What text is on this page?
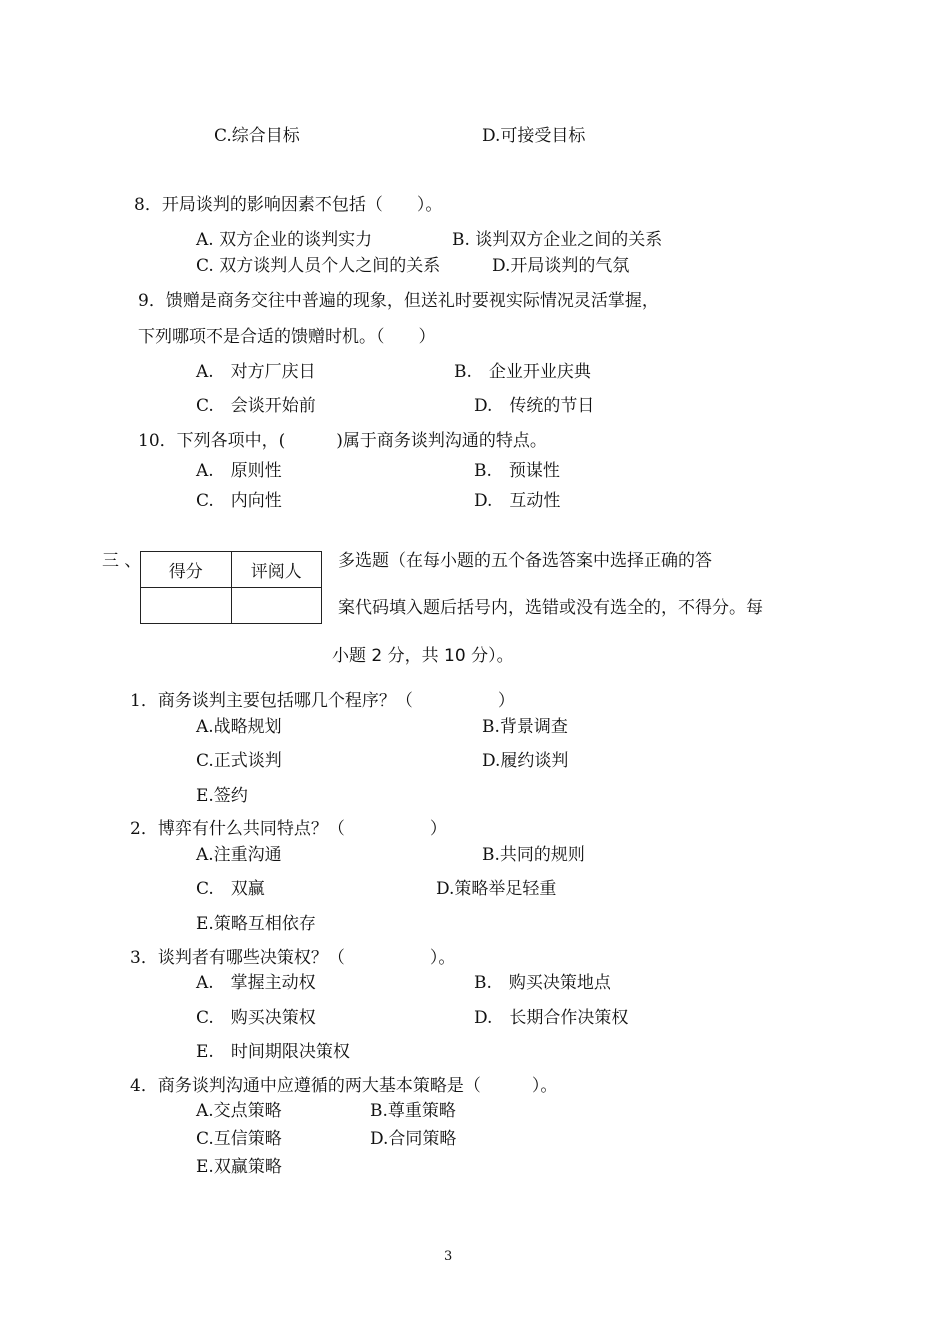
C.综合目标	D.可接受目标
8．开局谈判的影响因素不包括（　　）。
A. 双方企业的谈判实力	B. 谈判双方企业之间的关系
C. 双方谈判人员个人之间的关系	D.开局谈判的气氛
9．馈赠是商务交往中普遍的现象，但送礼时要视实际情况灵活掌握，
下列哪项不是合适的馈赠时机。（　　）
A.　对方厂庆日	B.　企业开业庆典
C.　会谈开始前	D.　传统的节日
10．下列各项中，(　　　)属于商务谈判沟通的特点。
A.　原则性	B.　预谋性
C.　内向性	D.　互动性
三 、
得分	评阅人

多选题（在每小题的五个备选答案中选择正确的答
案代码填入题后括号内，选错或没有选全的，不得分。每
小题 2 分，共 10 分）。
1．商务谈判主要包括哪几个程序？（　　　　　）
A.战略规划	B.背景调查
C.正式谈判	D.履约谈判
E.签约
2．博弈有什么共同特点？（　　　　　）
A.注重沟通	B.共同的规则
C.　双赢	D.策略举足轻重
E.策略互相依存
3．谈判者有哪些决策权？（　　　　　）。
A.　掌握主动权	B.　购买决策地点
C.　购买决策权	D.　长期合作决策权
E.　时间期限决策权
4．商务谈判沟通中应遵循的两大基本策略是（　　　）。
A.交点策略	B.尊重策略
C.互信策略	D.合同策略
E.双赢策略
3
